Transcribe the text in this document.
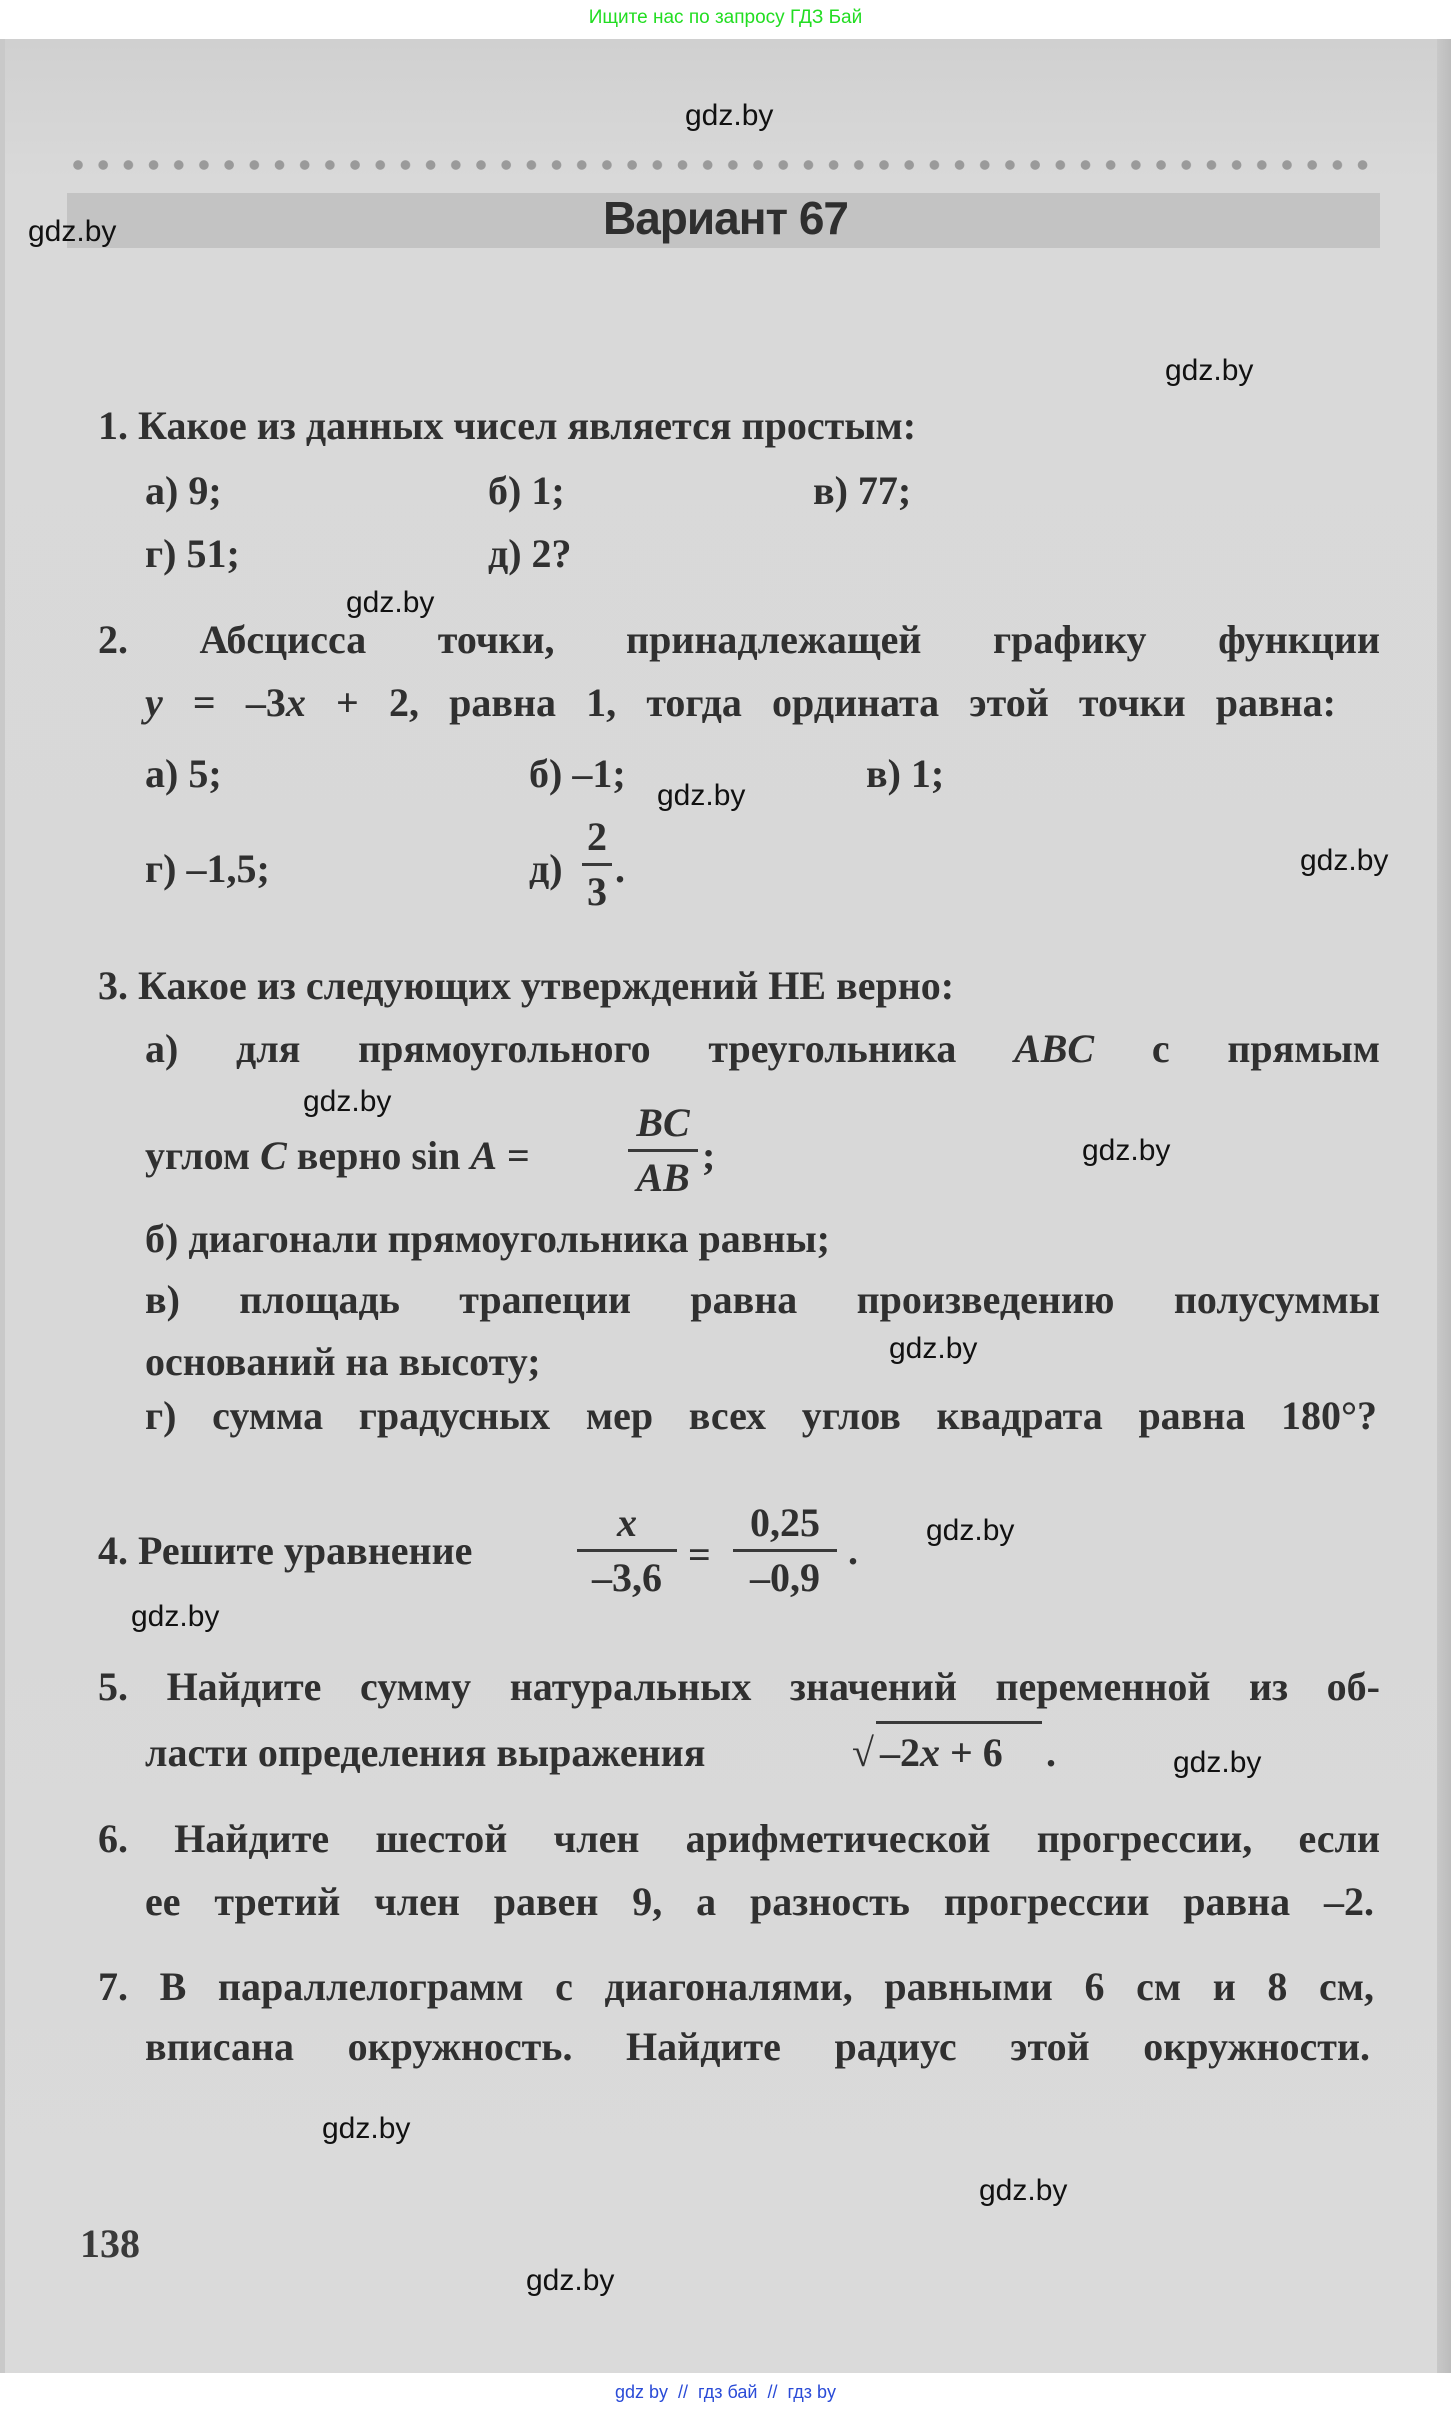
Ищите нас по запросу ГДЗ Бай
Вариант 67
1. Какое из данных чисел является простым:
а) 9;	б) 1;	в) 77;
г) 51;	д) 2?
2. Абсцисса точки, принадлежащей графику функции
y = –3x + 2, равна 1, тогда ордината этой точки равна:
а) 5;	б) –1;	в) 1;
г) –1,5;	д)
2
3
.
3. Какое из следующих утверждений НЕ верно:
а) для прямоугольного треугольника ABC с прямым
углом C верно sin A =
BC
AB ;
б) диагонали прямоугольника равны;
в) площадь трапеции равна произведению полусуммы
оснований на высоту;
г) сумма градусных мер всех углов квадрата равна 180°?
4. Решите уравнение
x
–3,6
=
0,25
–0,9
.
5. Найдите сумму натуральных значений переменной из об-
ласти определения выражения	√ –2x + 6 .
6. Найдите шестой член арифметической прогрессии, если
ее третий член равен 9, а разность прогрессии равна –2.
7. В параллелограмм с диагоналями, равными 6 см и 8 см,
вписана окружность. Найдите радиус этой окружности.
138
gdz.by
gdz.by
gdz.by
gdz.by
gdz.by
gdz.by
gdz.by
gdz.by
gdz.by
gdz.by
gdz.by
gdz.by
gdz.by
gdz.by
gdz.by
gdz by  //  гдз бай  //  гдз by
